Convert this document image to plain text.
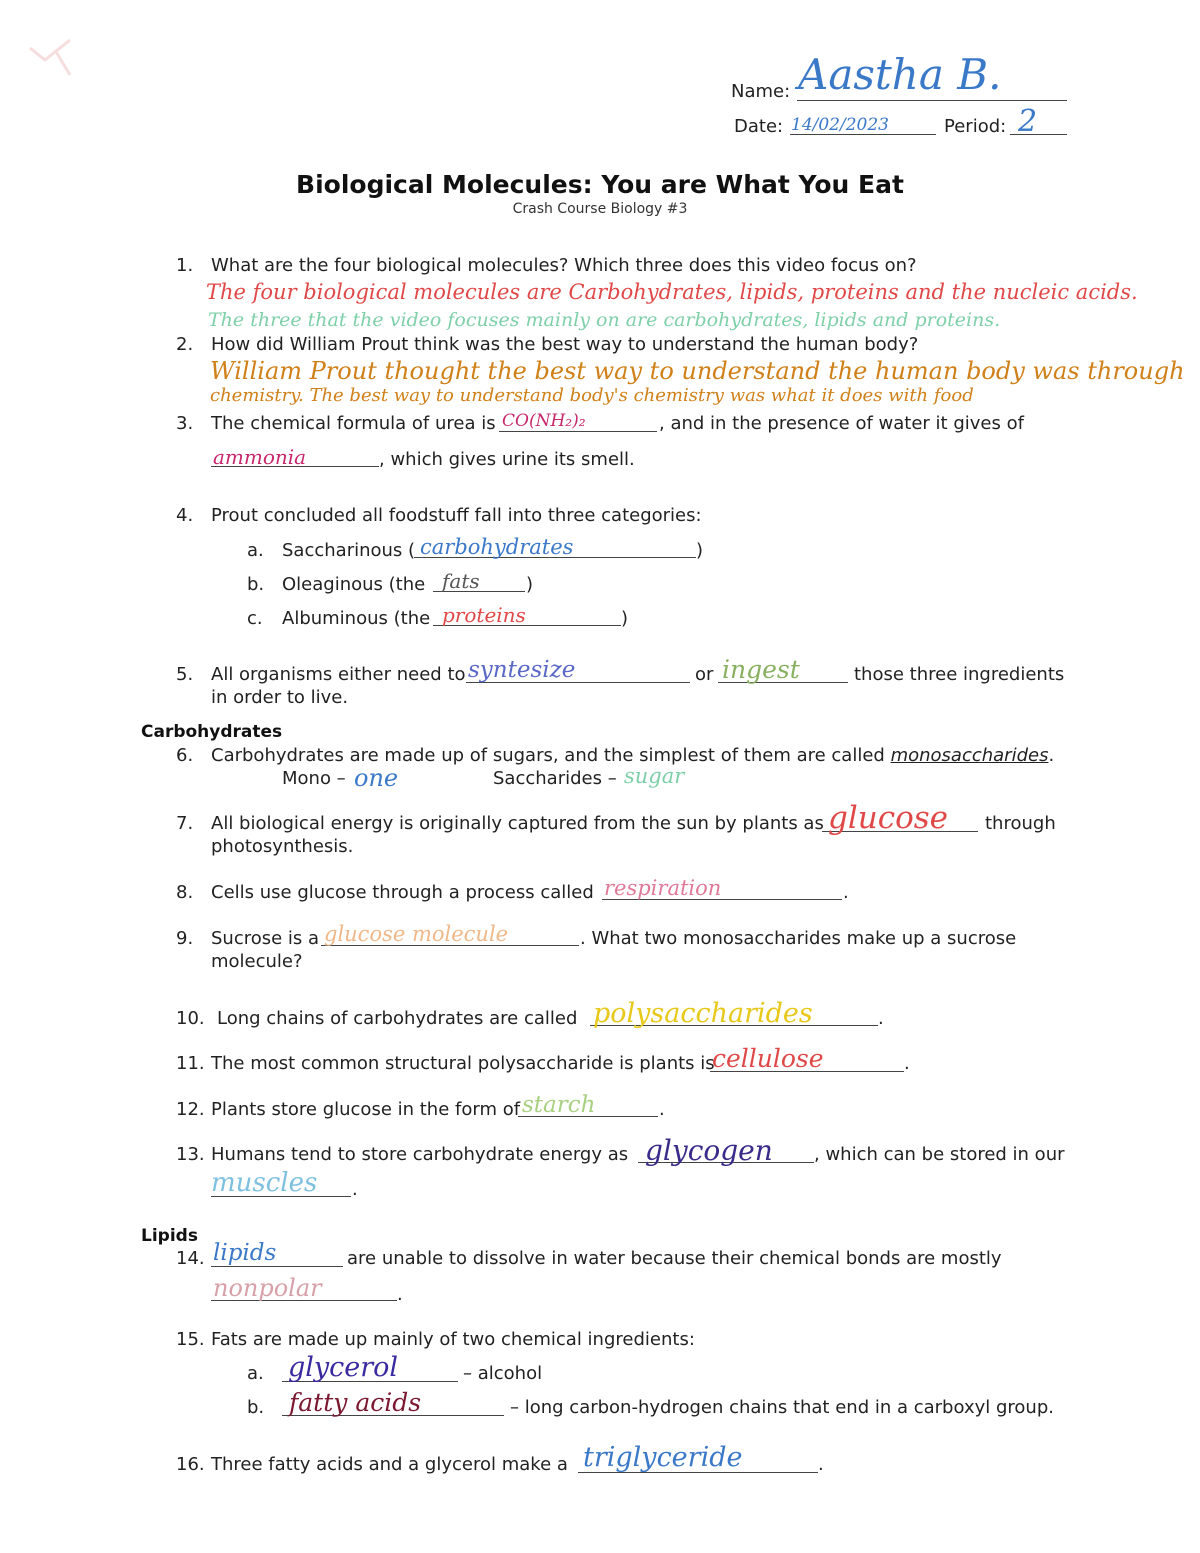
Name: Aastha B.
Date: 14/02/2023	Period: 2
Biological Molecules: You are What You Eat
Crash Course Biology #3
1. What are the four biological molecules? Which three does this video focus on?
The four biological molecules are Carbohydrates, lipids, proteins and the nucleic acids.
The three that the video focuses mainly on are carbohydrates, lipids and proteins.
2. How did William Prout think was the best way to understand the human body?
William Prout thought the best way to understand the human body was through
chemistry. The best way to understand body's chemistry was what it does with food
3. The chemical formula of urea is CO(NH₂)₂	, and in the presence of water it gives of
ammonia	, which gives urine its smell.
4. Prout concluded all foodstuff fall into three categories:
a. Saccharinous ( carbohydrates	)
b. Oleaginous (the fats	)
c. Albuminous (the proteins	)
5. All organisms either need to syntesize	or ingest	those three ingredients
in order to live.
Carbohydrates
6. Carbohydrates are made up of sugars, and the simplest of them are called monosaccharides.
Mono – one	Saccharides – sugar
7. All biological energy is originally captured from the sun by plants as glucose through
photosynthesis.
8. Cells use glucose through a process called respiration	.
9. Sucrose is a glucose molecule	. What two monosaccharides make up a sucrose
molecule?
10. Long chains of carbohydrates are called polysaccharides	.
11. The most common structural polysaccharide is plants is
cellulose	.
12. Plants store glucose in the form of starch	.
13. Humans tend to store carbohydrate energy as glycogen , which can be stored in our
muscles .
Lipids
14. lipids	are unable to dissolve in water because their chemical bonds are mostly
nonpolar	.
15. Fats are made up mainly of two chemical ingredients:
a. glycerol	– alcohol
b. fatty acids	– long carbon-hydrogen chains that end in a carboxyl group.
16. Three fatty acids and a glycerol make a triglyceride	.
